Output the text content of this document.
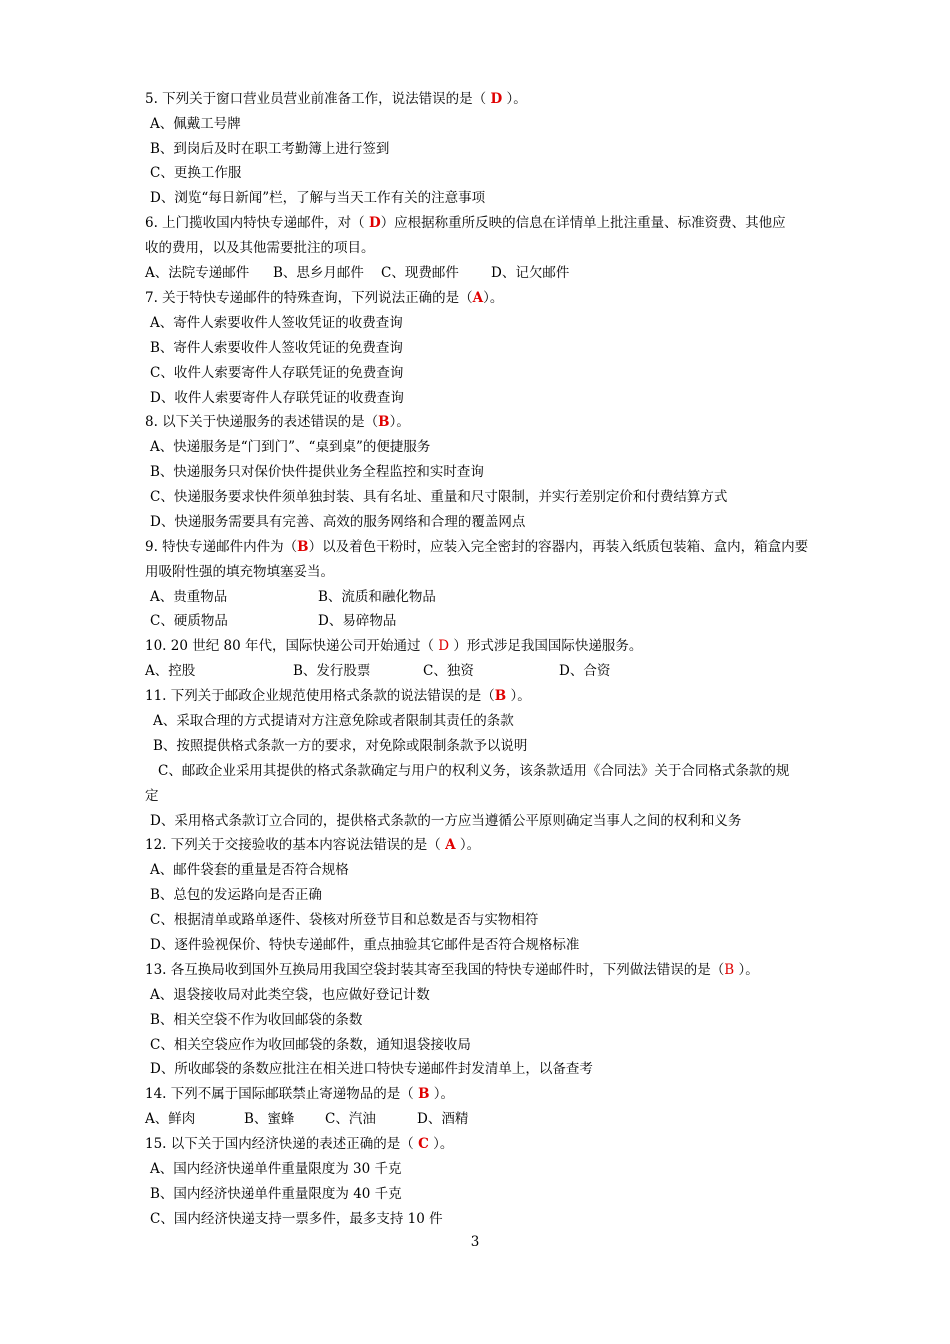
5. 下列关于窗口营业员营业前准备工作，说法错误的是（ D ）。
A、佩戴工号牌
B、到岗后及时在职工考勤簿上进行签到
C、更换工作服
D、浏览“每日新闻”栏，了解与当天工作有关的注意事项
6. 上门揽收国内特快专递邮件，对（ D）应根据称重所反映的信息在详情单上批注重量、标准资费、其他应
收的费用，以及其他需要批注的项目。
A、法院专递邮件 B、思乡月邮件 C、现费邮件 D、记欠邮件
7. 关于特快专递邮件的特殊查询，下列说法正确的是（A）。
A、寄件人索要收件人签收凭证的收费查询
B、寄件人索要收件人签收凭证的免费查询
C、收件人索要寄件人存联凭证的免费查询
D、收件人索要寄件人存联凭证的收费查询
8. 以下关于快递服务的表述错误的是（B）。
A、快递服务是“门到门”、“桌到桌”的便捷服务
B、快递服务只对保价快件提供业务全程监控和实时查询
C、快递服务要求快件须单独封装、具有名址、重量和尺寸限制，并实行差别定价和付费结算方式
D、快递服务需要具有完善、高效的服务网络和合理的覆盖网点
9. 特快专递邮件内件为（B）以及着色干粉时，应装入完全密封的容器内，再装入纸质包装箱、盒内，箱盒内要
用吸附性强的填充物填塞妥当。
A、贵重物品	B、流质和融化物品
C、硬质物品	D、易碎物品
10. 20 世纪 80 年代，国际快递公司开始通过（ D ）形式涉足我国国际快递服务。
A、控股	B、发行股票	C、独资	D、合资
11. 下列关于邮政企业规范使用格式条款的说法错误的是（B ）。
A、采取合理的方式提请对方注意免除或者限制其责任的条款
B、按照提供格式条款一方的要求，对免除或限制条款予以说明
C、邮政企业采用其提供的格式条款确定与用户的权利义务，该条款适用《合同法》关于合同格式条款的规
定
D、采用格式条款订立合同的，提供格式条款的一方应当遵循公平原则确定当事人之间的权利和义务
12. 下列关于交接验收的基本内容说法错误的是（ A ）。
A、邮件袋套的重量是否符合规格
B、总包的发运路向是否正确
C、根据清单或路单逐件、袋核对所登节目和总数是否与实物相符
D、逐件验视保价、特快专递邮件，重点抽验其它邮件是否符合规格标准
13. 各互换局收到国外互换局用我国空袋封装其寄至我国的特快专递邮件时，下列做法错误的是（B ）。
A、退袋接收局对此类空袋，也应做好登记计数
B、相关空袋不作为收回邮袋的条数
C、相关空袋应作为收回邮袋的条数，通知退袋接收局
D、所收邮袋的条数应批注在相关进口特快专递邮件封发清单上，以备查考
14. 下列不属于国际邮联禁止寄递物品的是（ B ）。
A、鲜肉	B、蜜蜂 C、汽油	D、酒精
15. 以下关于国内经济快递的表述正确的是（ C ）。
A、国内经济快递单件重量限度为 30 千克
B、国内经济快递单件重量限度为 40 千克
C、国内经济快递支持一票多件，最多支持 10 件
3
